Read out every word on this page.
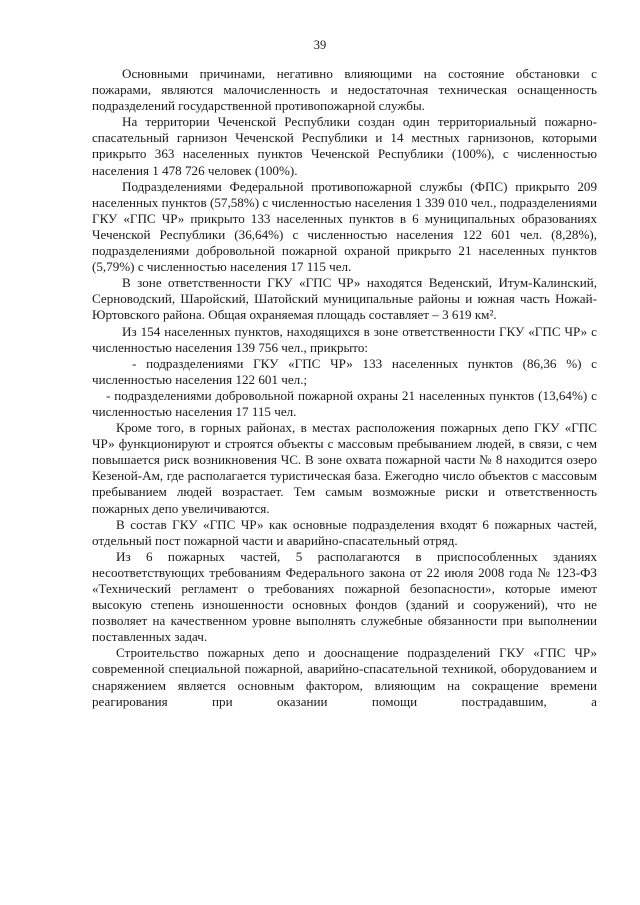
39

Основными причинами, негативно влияющими на состояние обстановки с пожарами, являются малочисленность и недостаточная техническая оснащенность подразделений государственной противопожарной службы.

На территории Чеченской Республики создан один территориальный пожарно-спасательный гарнизон Чеченской Республики и 14 местных гарнизонов, которыми прикрыто 363 населенных пунктов Чеченской Республики (100%), с численностью населения 1 478 726 человек (100%).

Подразделениями Федеральной противопожарной службы (ФПС) прикрыто 209 населенных пунктов (57,58%) с численностью населения 1 339 010 чел., подразделениями ГКУ «ГПС ЧР» прикрыто 133 населенных пунктов в 6 муниципальных образованиях Чеченской Республики (36,64%) с численностью населения 122 601 чел. (8,28%), подразделениями добровольной пожарной охраной прикрыто 21 населенных пунктов (5,79%) с численностью населения 17 115 чел.

В зоне ответственности ГКУ «ГПС ЧР» находятся Веденский, Итум-Калинский, Серноводский, Шаройский, Шатойский муниципальные районы и южная часть Ножай-Юртовского района. Общая охраняемая площадь составляет – 3 619 км².

Из 154 населенных пунктов, находящихся в зоне ответственности ГКУ «ГПС ЧР» с численностью населения 139 756 чел., прикрыто:

- подразделениями ГКУ «ГПС ЧР» 133 населенных пунктов (86,36 %) с численностью населения 122 601 чел.;

- подразделениями добровольной пожарной охраны 21 населенных пунктов (13,64%) с численностью населения 17 115 чел.

Кроме того, в горных районах, в местах расположения пожарных депо ГКУ «ГПС ЧР» функционируют и строятся объекты с массовым пребыванием людей, в связи, с чем повышается риск возникновения ЧС. В зоне охвата пожарной части № 8 находится озеро Кезеной-Ам, где располагается туристическая база. Ежегодно число объектов с массовым пребыванием людей возрастает. Тем самым возможные риски и ответственность пожарных депо увеличиваются.

В состав ГКУ «ГПС ЧР» как основные подразделения входят 6 пожарных частей, отдельный пост пожарной части и аварийно-спасательный отряд.

Из 6 пожарных частей, 5 располагаются в приспособленных зданиях несоответствующих требованиям Федерального закона от 22 июля 2008 года № 123-ФЗ «Технический регламент о требованиях пожарной безопасности», которые имеют высокую степень изношенности основных фондов (зданий и сооружений), что не позволяет на качественном уровне выполнять служебные обязанности при выполнении поставленных задач.

Строительство пожарных депо и дооснащение подразделений ГКУ «ГПС ЧР» современной специальной пожарной, аварийно-спасательной техникой, оборудованием и снаряжением является основным фактором, влияющим на сокращение времени реагирования при оказании помощи пострадавшим, а
